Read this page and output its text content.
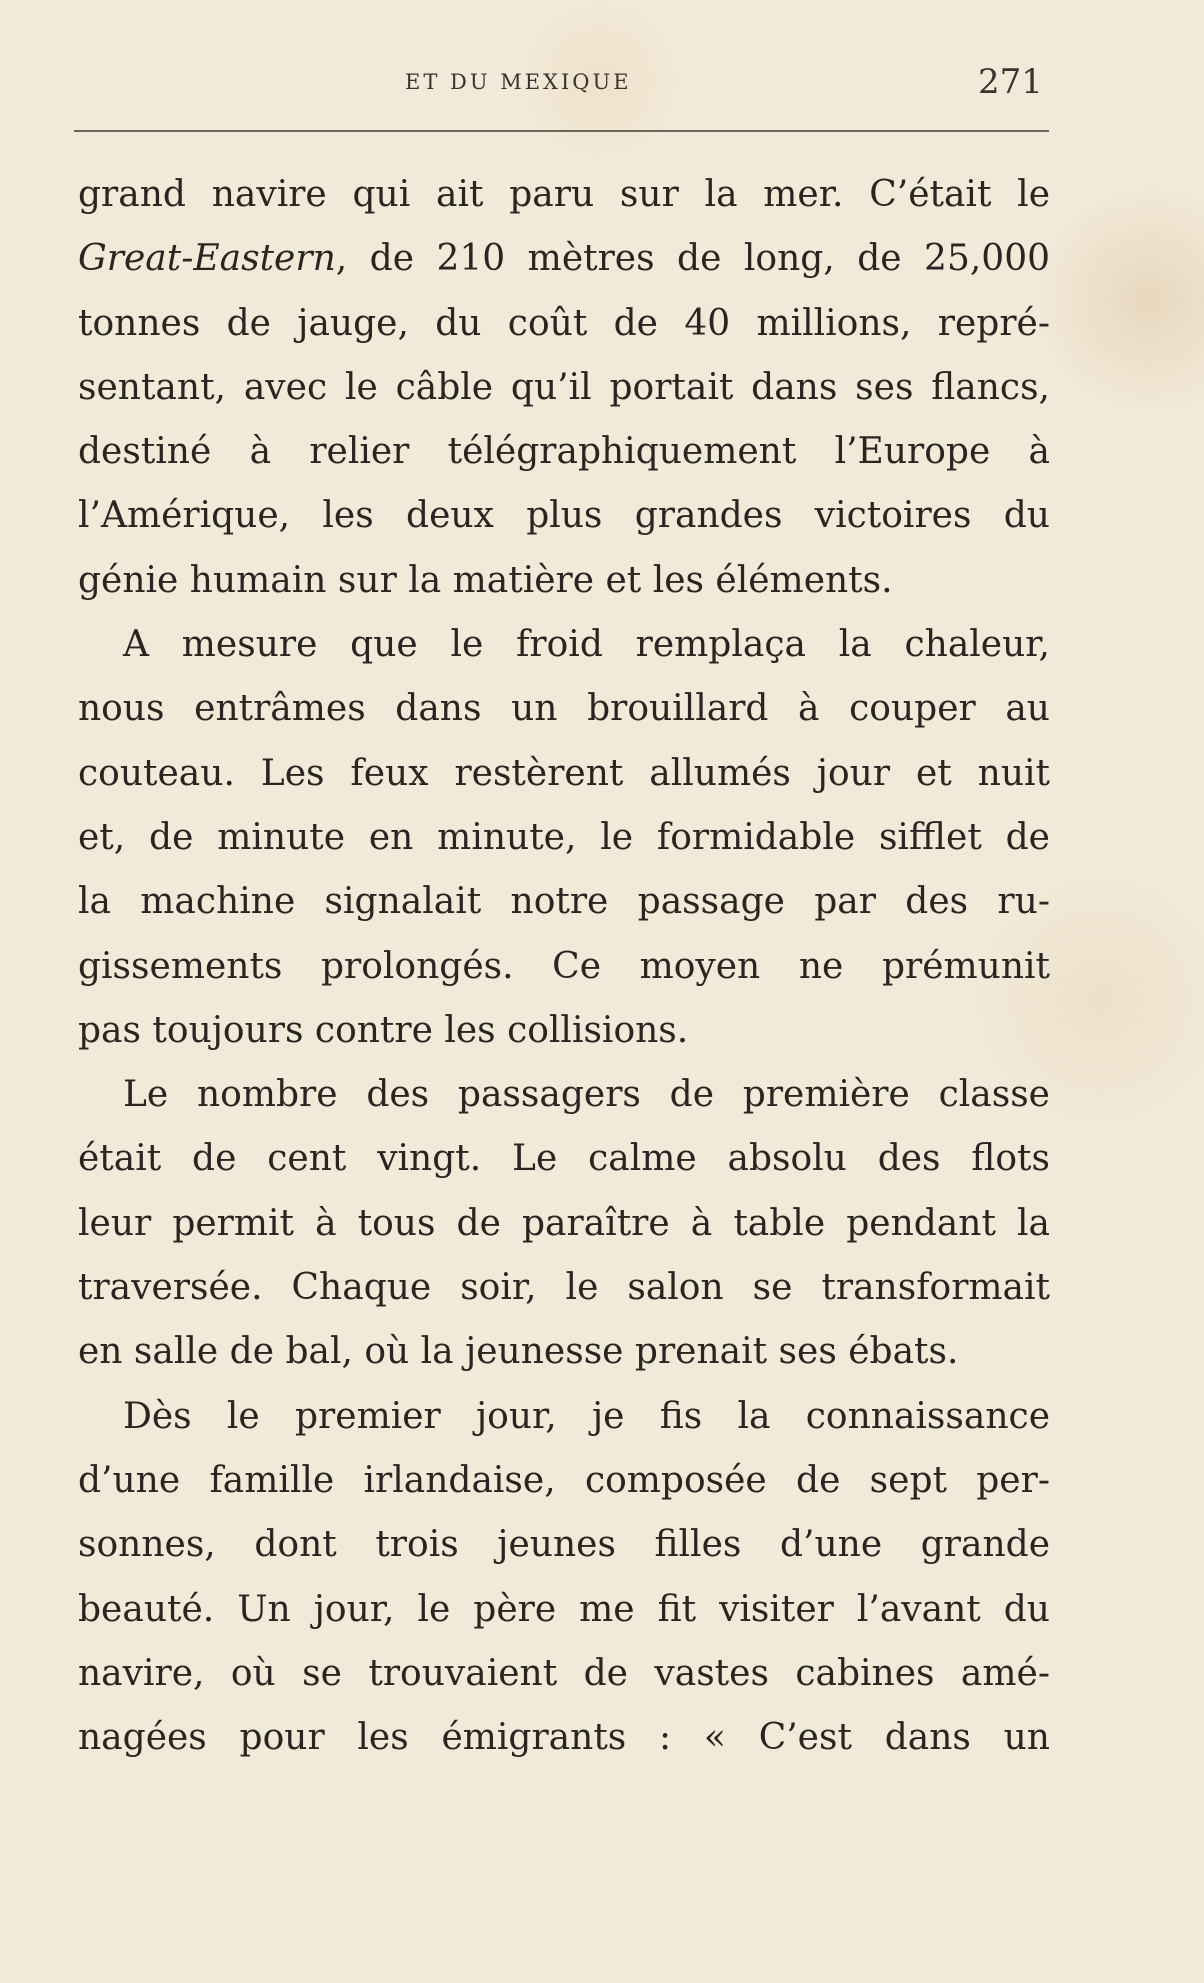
ET DU MEXIQUE	271
grand navire qui ait paru sur la mer. C’était le
Great-Eastern, de 210 mètres de long, de 25,000
tonnes de jauge, du coût de 40 millions, repré-
sentant, avec le câble qu’il portait dans ses flancs,
destiné à relier télégraphiquement l’Europe à
l’Amérique, les deux plus grandes victoires du
génie humain sur la matière et les éléments.
A mesure que le froid remplaça la chaleur,
nous entrâmes dans un brouillard à couper au
couteau. Les feux restèrent allumés jour et nuit
et, de minute en minute, le formidable sifflet de
la machine signalait notre passage par des ru-
gissements prolongés. Ce moyen ne prémunit
pas toujours contre les collisions.
Le nombre des passagers de première classe
était de cent vingt. Le calme absolu des flots
leur permit à tous de paraître à table pendant la
traversée. Chaque soir, le salon se transformait
en salle de bal, où la jeunesse prenait ses ébats.
Dès le premier jour, je fis la connaissance
d’une famille irlandaise, composée de sept per-
sonnes, dont trois jeunes filles d’une grande
beauté. Un jour, le père me fit visiter l’avant du
navire, où se trouvaient de vastes cabines amé-
nagées pour les émigrants : « C’est dans un
